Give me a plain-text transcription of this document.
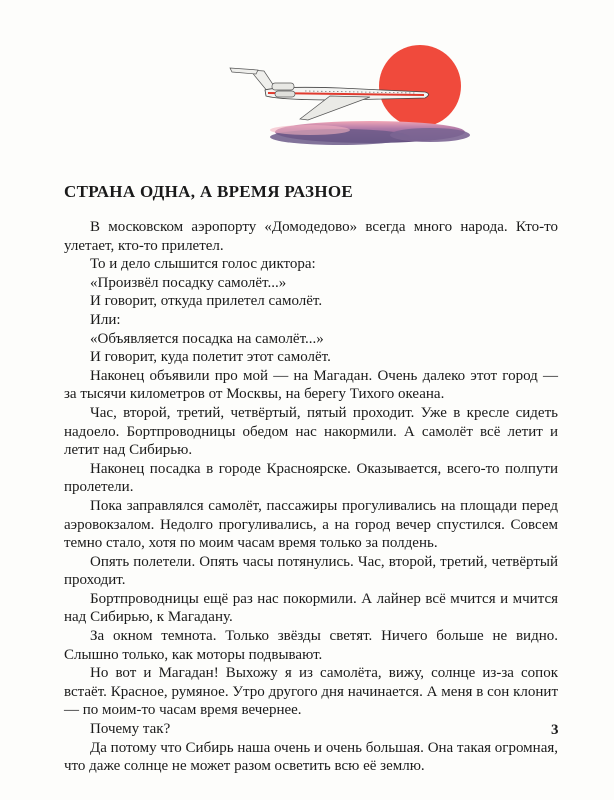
СТРАНА ОДНА, А ВРЕМЯ РАЗНОЕ

В московском аэропорту «Домодедово» всегда много народа. Кто-то улетает, кто-то прилетел.

То и дело слышится голос диктора:

«Произвёл посадку самолёт...»

И говорит, откуда прилетел самолёт.

Или:

«Объявляется посадка на самолёт...»

И говорит, куда полетит этот самолёт.

Наконец объявили про мой — на Магадан. Очень далеко этот город — за тысячи километров от Москвы, на берегу Тихого океана.

Час, второй, третий, четвёртый, пятый проходит. Уже в кресле сидеть надоело. Бортпроводницы обедом нас накормили. А самолёт всё летит и летит над Сибирью.

Наконец посадка в городе Красноярске. Оказывается, всего-то полпути пролетели.

Пока заправлялся самолёт, пассажиры прогуливались на площади перед аэровокзалом. Недолго прогуливались, а на город вечер спустился. Совсем темно стало, хотя по моим часам время только за полдень.

Опять полетели. Опять часы потянулись. Час, второй, третий, четвёртый проходит.

Бортпроводницы ещё раз нас покормили. А лайнер всё мчится и мчится над Сибирью, к Магадану.

За окном темнота. Только звёзды светят. Ничего больше не видно. Слышно только, как моторы подвывают.

Но вот и Магадан! Выхожу я из самолёта, вижу, солнце из-за сопок встаёт. Красное, румяное. Утро другого дня начинается. А меня в сон клонит — по моим-то часам время вечернее.

Почему так?

Да потому что Сибирь наша очень и очень большая. Она такая огромная, что даже солнце не может разом осветить всю её землю.

3
